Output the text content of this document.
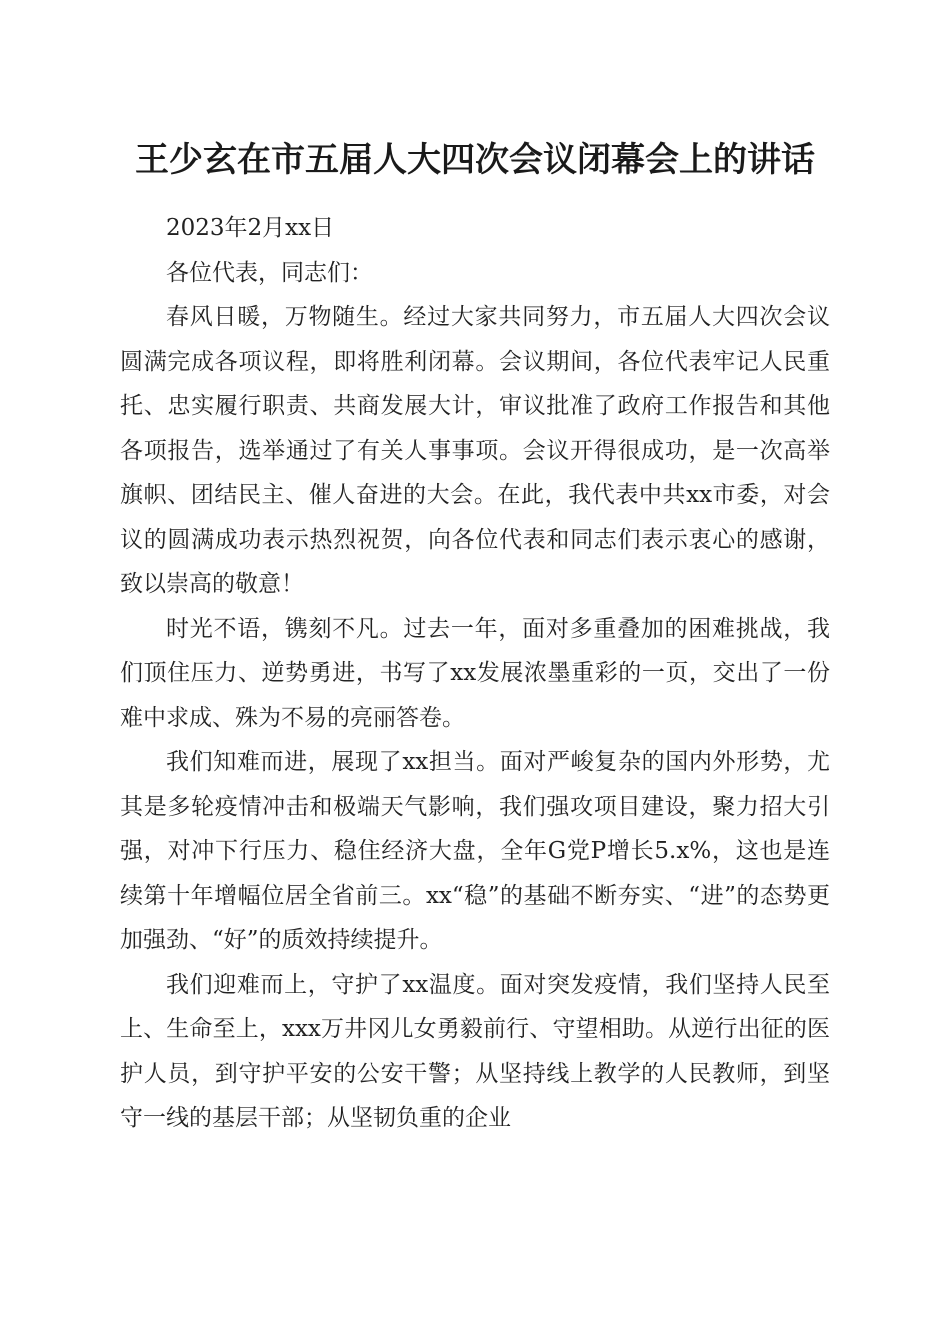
王少玄在市五届人大四次会议闭幕会上的讲话

2023年2月xx日

各位代表，同志们：

春风日暖，万物随生。经过大家共同努力，市五届人大四次会议圆满完成各项议程，即将胜利闭幕。会议期间，各位代表牢记人民重托、忠实履行职责、共商发展大计，审议批准了政府工作报告和其他各项报告，选举通过了有关人事事项。会议开得很成功，是一次高举旗帜、团结民主、催人奋进的大会。在此，我代表中共xx市委，对会议的圆满成功表示热烈祝贺，向各位代表和同志们表示衷心的感谢，致以崇高的敬意！

时光不语，镌刻不凡。过去一年，面对多重叠加的困难挑战，我们顶住压力、逆势勇进，书写了xx发展浓墨重彩的一页，交出了一份难中求成、殊为不易的亮丽答卷。

我们知难而进，展现了xx担当。面对严峻复杂的国内外形势，尤其是多轮疫情冲击和极端天气影响，我们强攻项目建设，聚力招大引强，对冲下行压力、稳住经济大盘，全年G党P增长5.x%，这也是连续第十年增幅位居全省前三。xx“稳”的基础不断夯实、“进”的态势更加强劲、“好”的质效持续提升。

我们迎难而上，守护了xx温度。面对突发疫情，我们坚持人民至上、生命至上，xxx万井冈儿女勇毅前行、守望相助。从逆行出征的医护人员，到守护平安的公安干警；从坚持线上教学的人民教师，到坚守一线的基层干部；从坚韧负重的企业
